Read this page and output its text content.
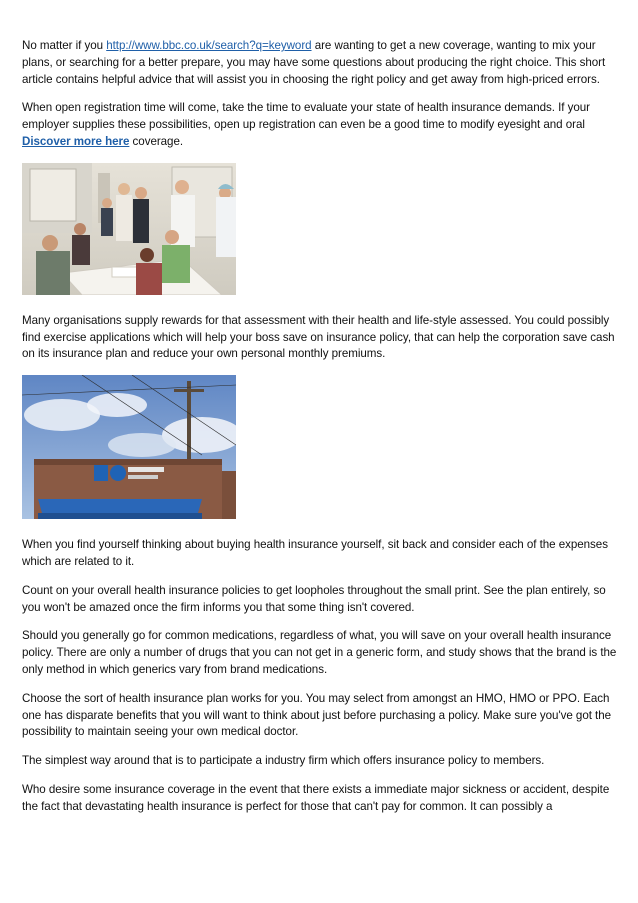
No matter if you http://www.bbc.co.uk/search?q=keyword are wanting to get a new coverage, wanting to mix your plans, or searching for a better prepare, you may have some questions about producing the right choice. This short article contains helpful advice that will assist you in choosing the right policy and get away from high-priced errors.

When open registration time will come, take the time to evaluate your state of health insurance demands. If your employer supplies these possibilities, open up registration can even be a good time to modify eyesight and oral Discover more here coverage.

Many organisations supply rewards for that assessment with their health and life-style assessed. You could possibly find exercise applications which will help your boss save on insurance policy, that can help the corporation save cash on its insurance plan and reduce your own personal monthly premiums.

When you find yourself thinking about buying health insurance yourself, sit back and consider each of the expenses which are related to it.

Count on your overall health insurance policies to get loopholes throughout the small print. See the plan entirely, so you won't be amazed once the firm informs you that some thing isn't covered.

Should you generally go for common medications, regardless of what, you will save on your overall health insurance policy. There are only a number of drugs that you can not get in a generic form, and study shows that the brand is the only method in which generics vary from brand medications.

Choose the sort of health insurance plan works for you. You may select from amongst an HMO, HMO or PPO. Each one has disparate benefits that you will want to think about just before purchasing a policy. Make sure you've got the possibility to maintain seeing your own medical doctor.

The simplest way around that is to participate a industry firm which offers insurance policy to members.

Who desire some insurance coverage in the event that there exists a immediate major sickness or accident, despite the fact that devastating health insurance is perfect for those that can't pay for common. It can possibly a
